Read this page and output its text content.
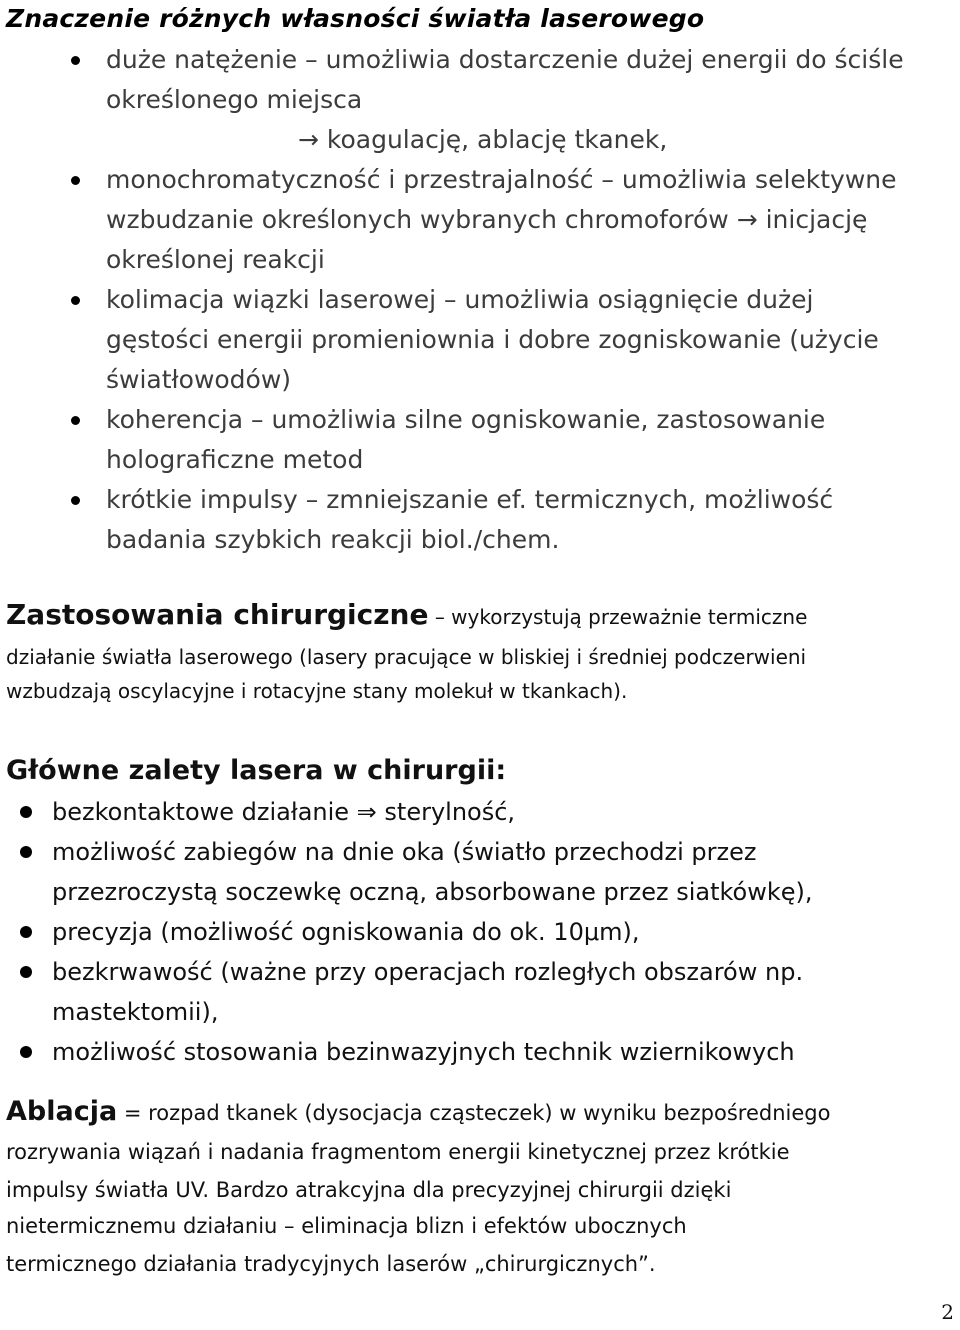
Znaczenie różnych własności światła laserowego
duże natężenie – umożliwia dostarczenie dużej energii do ściśle
określonego miejsca
→ koagulację, ablację tkanek,
monochromatyczność i przestrajalność – umożliwia selektywne
wzbudzanie określonych wybranych chromoforów → inicjację
określonej reakcji
kolimacja wiązki laserowej – umożliwia osiągnięcie dużej
gęstości energii promieniownia i dobre zogniskowanie (użycie
światłowodów)
koherencja – umożliwia silne ogniskowanie, zastosowanie
holograficzne metod
krótkie impulsy – zmniejszanie ef. termicznych, możliwość
badania szybkich reakcji biol./chem.
Zastosowania chirurgiczne – wykorzystują przeważnie termiczne
działanie światła laserowego (lasery pracujące w bliskiej i średniej podczerwieni
wzbudzają oscylacyjne i rotacyjne stany molekuł w tkankach).
Główne zalety lasera w chirurgii:
bezkontaktowe działanie ⇒ sterylność,
możliwość zabiegów na dnie oka (światło przechodzi przez
przezroczystą soczewkę oczną, absorbowane przez siatkówkę),
precyzja (możliwość ogniskowania do ok. 10μm),
bezkrwawość (ważne przy operacjach rozległych obszarów np.
mastektomii),
możliwość stosowania bezinwazyjnych technik wziernikowych
Ablacja = rozpad tkanek (dysocjacja cząsteczek) w wyniku bezpośredniego
rozrywania wiązań i nadania fragmentom energii kinetycznej przez krótkie
impulsy światła UV. Bardzo atrakcyjna dla precyzyjnej chirurgii dzięki
nietermicznemu działaniu – eliminacja blizn i efektów ubocznych
termicznego działania tradycyjnych laserów „chirurgicznych”.
2
